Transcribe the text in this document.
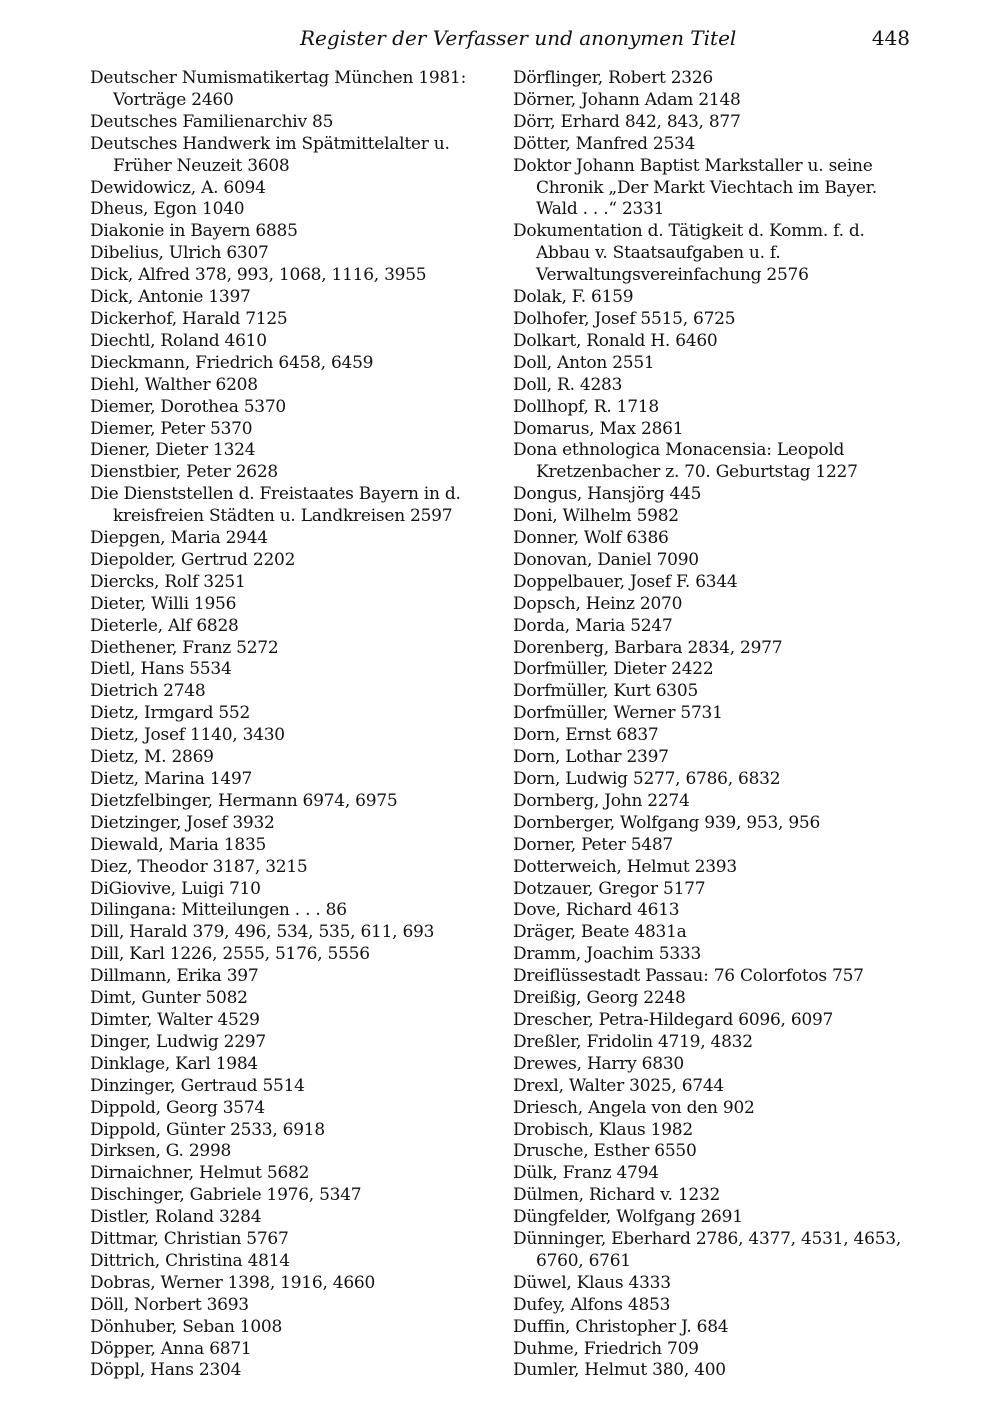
Register der Verfasser und anonymen Titel	448
Deutscher Numismatikertag München 1981: Vorträge 2460
Deutsches Familienarchiv 85
Deutsches Handwerk im Spätmittelalter u. Früher Neuzeit 3608
Dewidowicz, A. 6094
Dheus, Egon 1040
Diakonie in Bayern 6885
Dibelius, Ulrich 6307
Dick, Alfred 378, 993, 1068, 1116, 3955
Dick, Antonie 1397
Dickerhof, Harald 7125
Diechtl, Roland 4610
Dieckmann, Friedrich 6458, 6459
Diehl, Walther 6208
Diemer, Dorothea 5370
Diemer, Peter 5370
Diener, Dieter 1324
Dienstbier, Peter 2628
Die Dienststellen d. Freistaates Bayern in d. kreisfreien Städten u. Landkreisen 2597
Diepgen, Maria 2944
Diepolder, Gertrud 2202
Diercks, Rolf 3251
Dieter, Willi 1956
Dieterle, Alf 6828
Diethener, Franz 5272
Dietl, Hans 5534
Dietrich 2748
Dietz, Irmgard 552
Dietz, Josef 1140, 3430
Dietz, M. 2869
Dietz, Marina 1497
Dietzfelbinger, Hermann 6974, 6975
Dietzinger, Josef 3932
Diewald, Maria 1835
Diez, Theodor 3187, 3215
DiGiovive, Luigi 710
Dilingana: Mitteilungen . . . 86
Dill, Harald 379, 496, 534, 535, 611, 693
Dill, Karl 1226, 2555, 5176, 5556
Dillmann, Erika 397
Dimt, Gunter 5082
Dimter, Walter 4529
Dinger, Ludwig 2297
Dinklage, Karl 1984
Dinzinger, Gertraud 5514
Dippold, Georg 3574
Dippold, Günter 2533, 6918
Dirksen, G. 2998
Dirnaichner, Helmut 5682
Dischinger, Gabriele 1976, 5347
Distler, Roland 3284
Dittmar, Christian 5767
Dittrich, Christina 4814
Dobras, Werner 1398, 1916, 4660
Döll, Norbert 3693
Dönhuber, Seban 1008
Döpper, Anna 6871
Döppl, Hans 2304
Dörflinger, Robert 2326
Dörner, Johann Adam 2148
Dörr, Erhard 842, 843, 877
Dötter, Manfred 2534
Doktor Johann Baptist Markstaller u. seine Chronik „Der Markt Viechtach im Bayer. Wald . . .“ 2331
Dokumentation d. Tätigkeit d. Komm. f. d. Abbau v. Staatsaufgaben u. f. Verwaltungsvereinfachung 2576
Dolak, F. 6159
Dolhofer, Josef 5515, 6725
Dolkart, Ronald H. 6460
Doll, Anton 2551
Doll, R. 4283
Dollhopf, R. 1718
Domarus, Max 2861
Dona ethnologica Monacensia: Leopold Kretzenbacher z. 70. Geburtstag 1227
Dongus, Hansjörg 445
Doni, Wilhelm 5982
Donner, Wolf 6386
Donovan, Daniel 7090
Doppelbauer, Josef F. 6344
Dopsch, Heinz 2070
Dorda, Maria 5247
Dorenberg, Barbara 2834, 2977
Dorfmüller, Dieter 2422
Dorfmüller, Kurt 6305
Dorfmüller, Werner 5731
Dorn, Ernst 6837
Dorn, Lothar 2397
Dorn, Ludwig 5277, 6786, 6832
Dornberg, John 2274
Dornberger, Wolfgang 939, 953, 956
Dorner, Peter 5487
Dotterweich, Helmut 2393
Dotzauer, Gregor 5177
Dove, Richard 4613
Dräger, Beate 4831a
Dramm, Joachim 5333
Dreiflüssestadt Passau: 76 Colorfotos 757
Dreißig, Georg 2248
Drescher, Petra-Hildegard 6096, 6097
Dreßler, Fridolin 4719, 4832
Drewes, Harry 6830
Drexl, Walter 3025, 6744
Driesch, Angela von den 902
Drobisch, Klaus 1982
Drusche, Esther 6550
Dülk, Franz 4794
Dülmen, Richard v. 1232
Düngfelder, Wolfgang 2691
Dünninger, Eberhard 2786, 4377, 4531, 4653, 6760, 6761
Düwel, Klaus 4333
Dufey, Alfons 4853
Duffin, Christopher J. 684
Duhme, Friedrich 709
Dumler, Helmut 380, 400
